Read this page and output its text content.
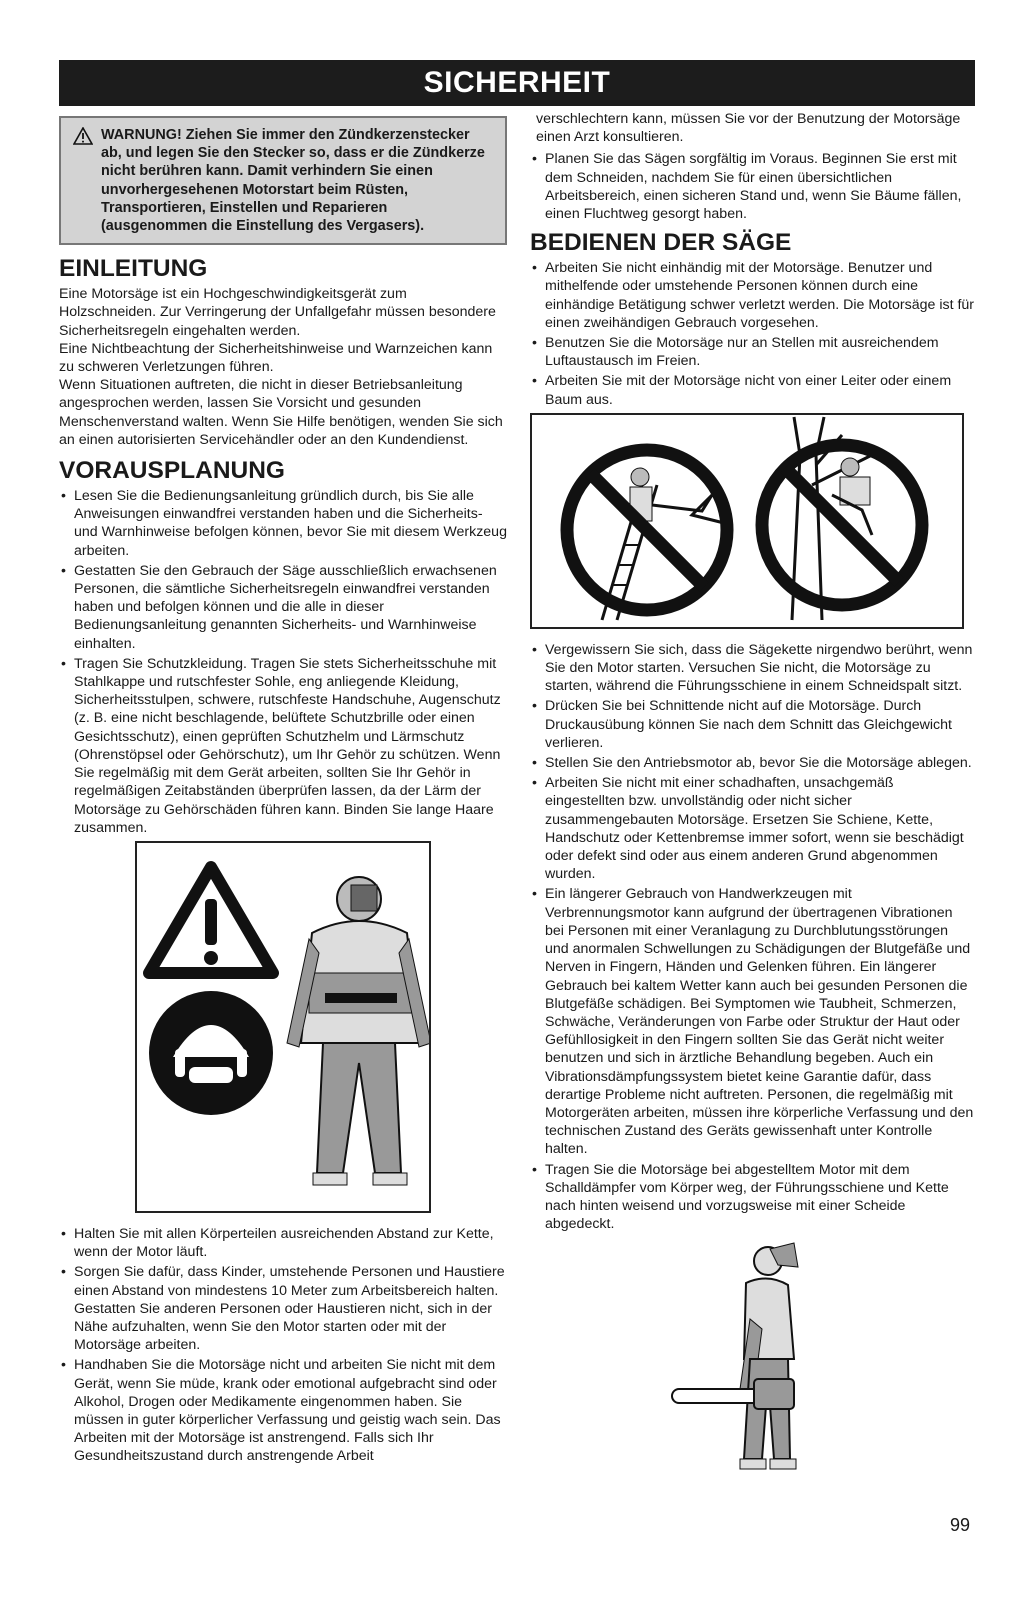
SICHERHEIT
WARNUNG! Ziehen Sie immer den Zündkerzenstecker ab, und legen Sie den Stecker so, dass er die Zündkerze nicht berühren kann. Damit verhindern Sie einen unvorhergesehenen Motorstart beim Rüsten, Transportieren, Einstellen und Reparieren (ausgenommen die Einstellung des Vergasers).
EINLEITUNG

Eine Motorsäge ist ein Hochgeschwindigkeitsgerät zum Holzschneiden. Zur Verringerung der Unfallgefahr müssen besondere Sicherheitsregeln eingehalten werden.

Eine Nichtbeachtung der Sicherheitshinweise und Warnzeichen kann zu schweren Verletzungen führen.

Wenn Situationen auftreten, die nicht in dieser Betriebsanleitung angesprochen werden, lassen Sie Vorsicht und gesunden Menschenverstand walten. Wenn Sie Hilfe benötigen, wenden Sie sich an einen autorisierten Servicehändler oder an den Kundendienst.

VORAUSPLANUNG
• Lesen Sie die Bedienungsanleitung gründlich durch, bis Sie alle Anweisungen einwandfrei verstanden haben und die Sicherheits- und Warnhinweise befolgen können, bevor Sie mit diesem Werkzeug arbeiten.
• Gestatten Sie den Gebrauch der Säge ausschließlich erwachsenen Personen, die sämtliche Sicherheitsregeln einwandfrei verstanden haben und befolgen können und die alle in dieser Bedienungsanleitung genannten Sicherheits- und Warnhinweise einhalten.
• Tragen Sie Schutzkleidung. Tragen Sie stets Sicherheitsschuhe mit Stahlkappe und rutschfester Sohle, eng anliegende Kleidung, Sicherheitsstulpen, schwere, rutschfeste Handschuhe, Augenschutz (z. B. eine nicht beschlagende, belüftete Schutzbrille oder einen Gesichtsschutz), einen geprüften Schutzhelm und Lärmschutz (Ohrenstöpsel oder Gehörschutz), um Ihr Gehör zu schützen. Wenn Sie regelmäßig mit dem Gerät arbeiten, sollten Sie Ihr Gehör in regelmäßigen Zeitabständen überprüfen lassen, da der Lärm der Motorsäge zu Gehörschäden führen kann. Binden Sie lange Haare zusammen.
• Halten Sie mit allen Körperteilen ausreichenden Abstand zur Kette, wenn der Motor läuft.
• Sorgen Sie dafür, dass Kinder, umstehende Personen und Haustiere einen Abstand von mindestens 10 Meter zum Arbeitsbereich halten. Gestatten Sie anderen Personen oder Haustieren nicht, sich in der Nähe aufzuhalten, wenn Sie den Motor starten oder mit der Motorsäge arbeiten.
• Handhaben Sie die Motorsäge nicht und arbeiten Sie nicht mit dem Gerät, wenn Sie müde, krank oder emotional aufgebracht sind oder Alkohol, Drogen oder Medikamente eingenommen haben. Sie müssen in guter körperlicher Verfassung und geistig wach sein. Das Arbeiten mit der Motorsäge ist anstrengend. Falls sich Ihr Gesundheitszustand durch anstrengende Arbeit

verschlechtern kann, müssen Sie vor der Benutzung der Motorsäge einen Arzt konsultieren.

• Planen Sie das Sägen sorgfältig im Voraus. Beginnen Sie erst mit dem Schneiden, nachdem Sie für einen übersichtlichen Arbeitsbereich, einen sicheren Stand und, wenn Sie Bäume fällen, einen Fluchtweg gesorgt haben.
BEDIENEN DER SÄGE
• Arbeiten Sie nicht einhändig mit der Motorsäge. Benutzer und mithelfende oder umstehende Personen können durch eine einhändige Betätigung schwer verletzt werden. Die Motorsäge ist für einen zweihändigen Gebrauch vorgesehen.
• Benutzen Sie die Motorsäge nur an Stellen mit ausreichendem Luftaustausch im Freien.
• Arbeiten Sie mit der Motorsäge nicht von einer Leiter oder einem Baum aus.
• Vergewissern Sie sich, dass die Sägekette nirgendwo berührt, wenn Sie den Motor starten. Versuchen Sie nicht, die Motorsäge zu starten, während die Führungsschiene in einem Schneidspalt sitzt.
• Drücken Sie bei Schnittende nicht auf die Motorsäge. Durch Druckausübung können Sie nach dem Schnitt das Gleichgewicht verlieren.
• Stellen Sie den Antriebsmotor ab, bevor Sie die Motorsäge ablegen.
• Arbeiten Sie nicht mit einer schadhaften, unsachgemäß eingestellten bzw. unvollständig oder nicht sicher zusammengebauten Motorsäge. Ersetzen Sie Schiene, Kette, Handschutz oder Kettenbremse immer sofort, wenn sie beschädigt oder defekt sind oder aus einem anderen Grund abgenommen wurden.
• Ein längerer Gebrauch von Handwerkzeugen mit Verbrennungsmotor kann aufgrund der übertragenen Vibrationen bei Personen mit einer Veranlagung zu Durchblutungsstörungen und anormalen Schwellungen zu Schädigungen der Blutgefäße und Nerven in Fingern, Händen und Gelenken führen. Ein längerer Gebrauch bei kaltem Wetter kann auch bei gesunden Personen die Blutgefäße schädigen. Bei Symptomen wie Taubheit, Schmerzen, Schwäche, Veränderungen von Farbe oder Struktur der Haut oder Gefühllosigkeit in den Fingern sollten Sie das Gerät nicht weiter benutzen und sich in ärztliche Behandlung begeben. Auch ein Vibrationsdämpfungssystem bietet keine Garantie dafür, dass derartige Probleme nicht auftreten. Personen, die regelmäßig mit Motorgeräten arbeiten, müssen ihre körperliche Verfassung und den technischen Zustand des Geräts gewissenhaft unter Kontrolle halten.
• Tragen Sie die Motorsäge bei abgestelltem Motor mit dem Schalldämpfer vom Körper weg, der Führungsschiene und Kette nach hinten weisend und vorzugsweise mit einer Scheide abgedeckt.
99
